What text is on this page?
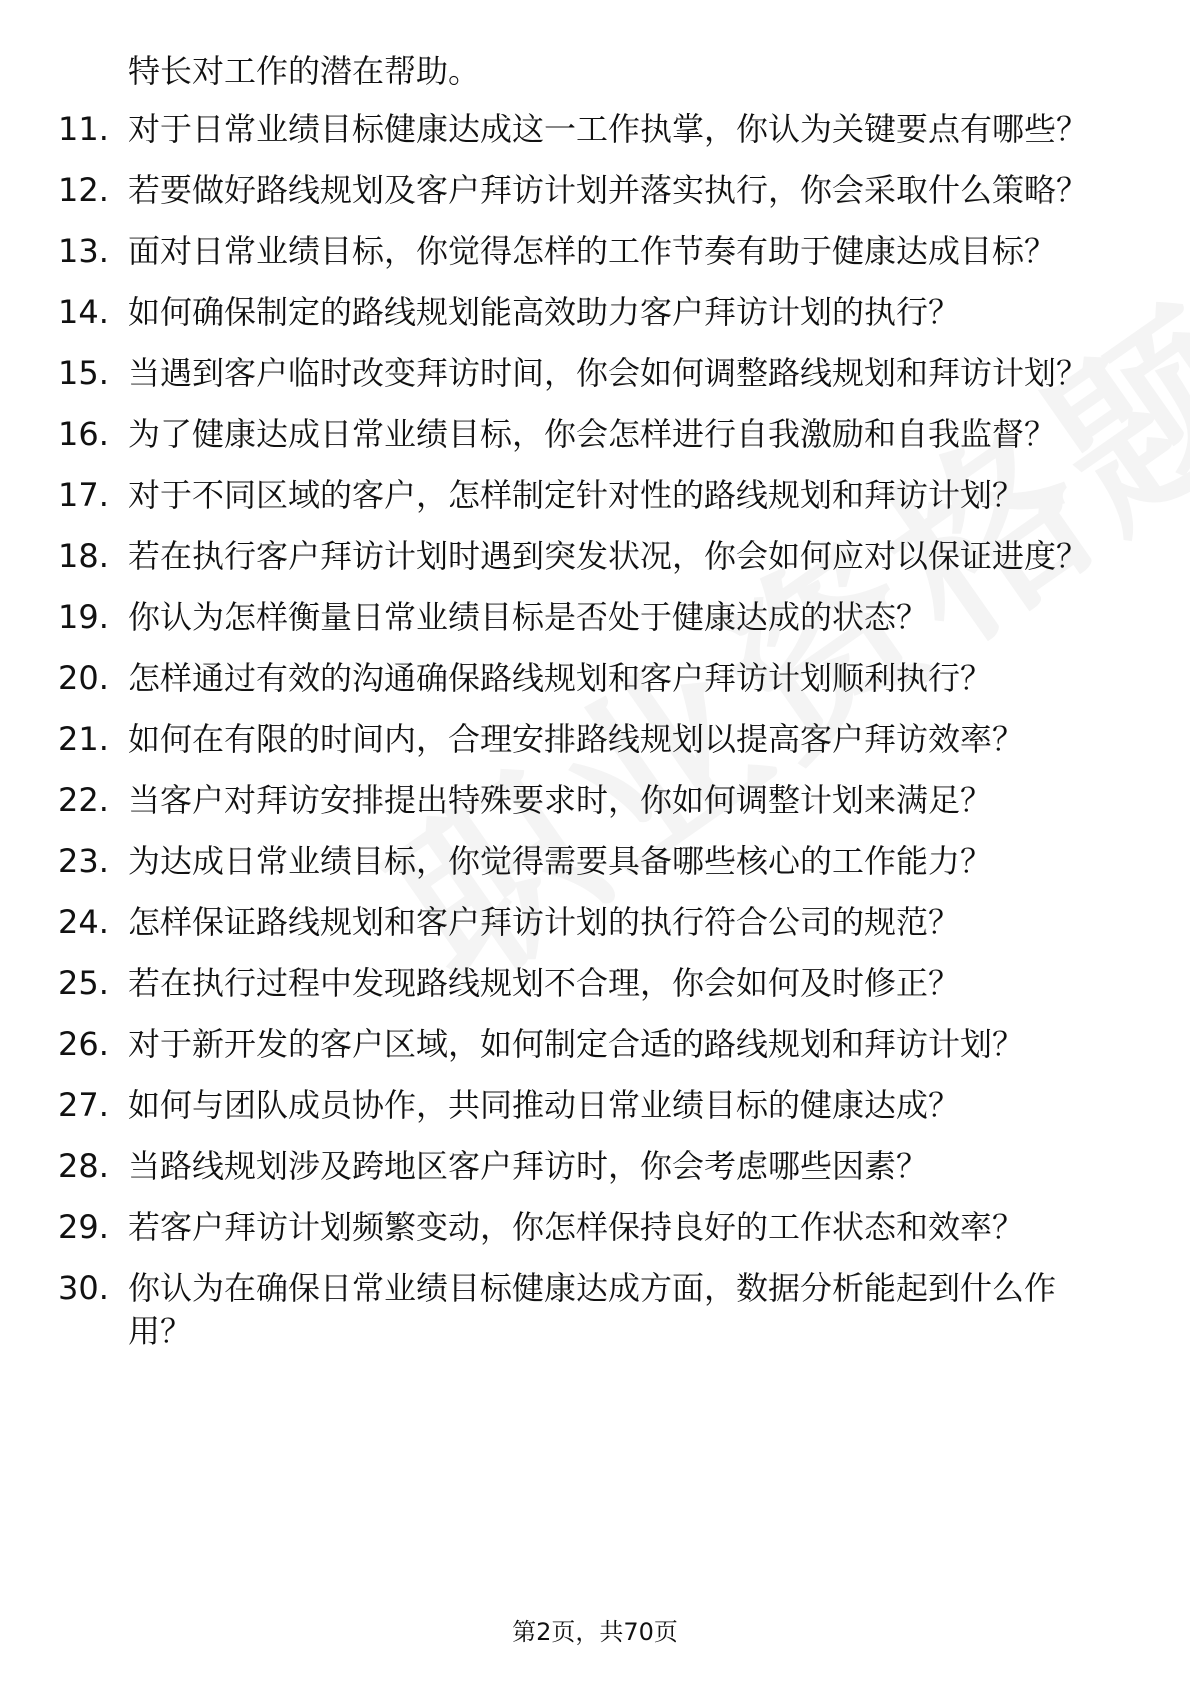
特长对工作的潜在帮助。
11. 对于日常业绩目标健康达成这一工作执掌，你认为关键要点有哪些？
12. 若要做好路线规划及客户拜访计划并落实执行，你会采取什么策略？
13. 面对日常业绩目标，你觉得怎样的工作节奏有助于健康达成目标？
14. 如何确保制定的路线规划能高效助力客户拜访计划的执行？
15. 当遇到客户临时改变拜访时间，你会如何调整路线规划和拜访计划？
16. 为了健康达成日常业绩目标，你会怎样进行自我激励和自我监督？
17. 对于不同区域的客户，怎样制定针对性的路线规划和拜访计划？
18. 若在执行客户拜访计划时遇到突发状况，你会如何应对以保证进度？
19. 你认为怎样衡量日常业绩目标是否处于健康达成的状态？
20. 怎样通过有效的沟通确保路线规划和客户拜访计划顺利执行？
21. 如何在有限的时间内，合理安排路线规划以提高客户拜访效率？
22. 当客户对拜访安排提出特殊要求时，你如何调整计划来满足？
23. 为达成日常业绩目标，你觉得需要具备哪些核心的工作能力？
24. 怎样保证路线规划和客户拜访计划的执行符合公司的规范？
25. 若在执行过程中发现路线规划不合理，你会如何及时修正？
26. 对于新开发的客户区域，如何制定合适的路线规划和拜访计划？
27. 如何与团队成员协作，共同推动日常业绩目标的健康达成？
28. 当路线规划涉及跨地区客户拜访时，你会考虑哪些因素？
29. 若客户拜访计划频繁变动，你怎样保持良好的工作状态和效率？
30. 你认为在确保日常业绩目标健康达成方面，数据分析能起到什么作用？
第2页，共70页
